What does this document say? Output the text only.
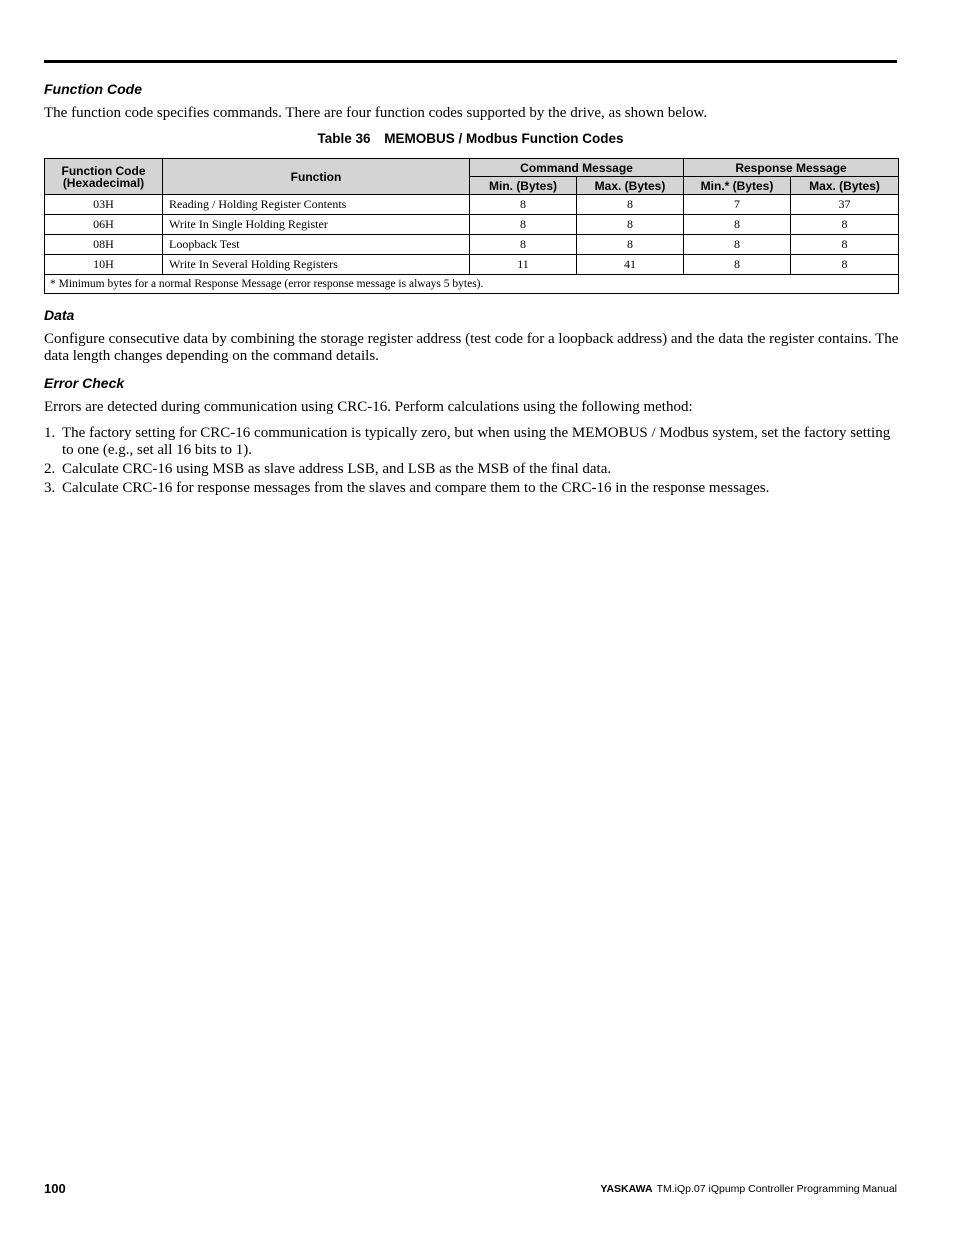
Function Code
The function code specifies commands. There are four function codes supported by the drive, as shown below.
Table 36 MEMOBUS / Modbus Function Codes
Function Code (Hexadecimal)	Function	Command Message		Response Message	
		Min. (Bytes)	Max. (Bytes)	Min.* (Bytes)	Max. (Bytes)
03H	Reading / Holding Register Contents	8	8	7	37
06H	Write In Single Holding Register	8	8	8	8
08H	Loopback Test	8	8	8	8
10H	Write In Several Holding Registers	11	41	8	8
* Minimum bytes for a normal Response Message (error response message is always 5 bytes).					
Data
Configure consecutive data by combining the storage register address (test code for a loopback address) and the data the register contains. The data length changes depending on the command details.
Error Check
Errors are detected during communication using CRC-16. Perform calculations using the following method:
1. The factory setting for CRC-16 communication is typically zero, but when using the MEMOBUS / Modbus system, set the factory setting to one (e.g., set all 16 bits to 1).
2. Calculate CRC-16 using MSB as slave address LSB, and LSB as the MSB of the final data.
3. Calculate CRC-16 for response messages from the slaves and compare them to the CRC-16 in the response messages.
100	YASKAWA TM.iQp.07 iQpump Controller Programming Manual
